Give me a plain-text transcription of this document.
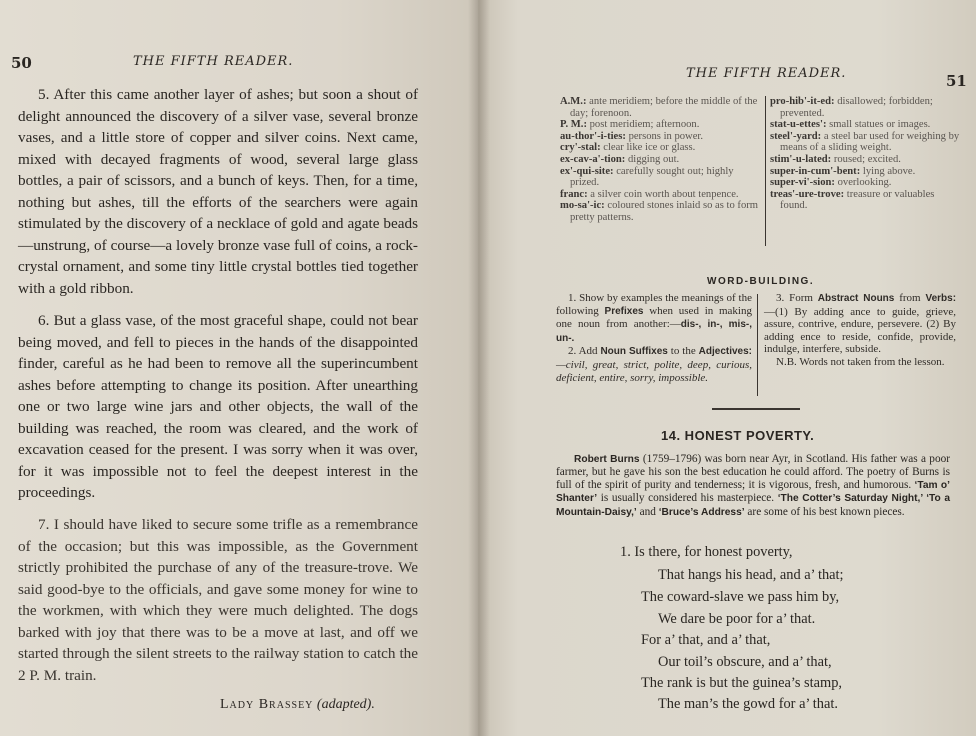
50	THE FIFTH READER.
5. After this came another layer of ashes; but soon a shout of delight announced the discovery of a silver vase, several bronze vases, and a little store of copper and silver coins. Next came, mixed with decayed fragments of wood, several large glass bottles, a pair of scissors, and a bunch of keys. Then, for a time, nothing but ashes, till the efforts of the searchers were again stimulated by the discovery of a necklace of gold and agate beads—unstrung, of course—a lovely bronze vase full of coins, a rock-crystal ornament, and some tiny little crystal bottles tied together with a gold ribbon.
6. But a glass vase, of the most graceful shape, could not bear being moved, and fell to pieces in the hands of the disappointed finder, careful as he had been to remove all the superincumbent ashes before attempting to change its position. After unearthing one or two large wine jars and other objects, the wall of the building was reached, the room was cleared, and the work of excavation ceased for the present. I was sorry when it was over, for it was impossible not to feel the deepest interest in the proceedings.
7. I should have liked to secure some trifle as a remembrance of the occasion; but this was impossible, as the Government strictly prohibited the purchase of any of the treasure-trove. We said good-bye to the officials, and gave some money for wine to the workmen, with which they were much delighted. The dogs barked with joy that there was to be a move at last, and off we started through the silent streets to the railway station to catch the 2 P. M. train.
Lady Brassey (adapted).
THE FIFTH READER.	51
A.M.: ante meridiem; before the middle of the day; forenoon.
P. M.: post meridiem; afternoon.
au-thor'-i-ties: persons in power.
cry'-stal: clear like ice or glass.
ex-cav-a'-tion: digging out.
ex'-qui-site: carefully sought out; highly prized.
franc: a silver coin worth about tenpence.
mo-sa'-ic: coloured stones inlaid so as to form pretty patterns.
pro-hib'-it-ed: disallowed; forbidden; prevented.
stat-u-ettes': small statues or images.
steel'-yard: a steel bar used for weighing by means of a sliding weight.
stim'-u-lated: roused; excited.
super-in-cum'-bent: lying above.
super-vi'-sion: overlooking.
treas'-ure-trove: treasure or valuables found.
WORD-BUILDING.
1. Show by examples the meanings of the following Prefixes when used in making one noun from another:—dis-, in-, mis-, un-.
2. Add Noun Suffixes to the Adjectives:—civil, great, strict, polite, deep, curious, deficient, entire, sorry, impossible.
3. Form Abstract Nouns from Verbs:—(1) By adding ance to guide, grieve, assure, contrive, endure, persevere. (2) By adding ence to reside, confide, provide, indulge, interfere, subside.
N.B. Words not taken from the lesson.
14. HONEST POVERTY.
Robert Burns (1759–1796) was born near Ayr, in Scotland. His father was a poor farmer, but he gave his son the best education he could afford. The poetry of Burns is full of the spirit of purity and tenderness; it is vigorous, fresh, and humorous. ‘Tam o’ Shanter’ is usually considered his masterpiece. ‘The Cotter’s Saturday Night,’ ‘To a Mountain-Daisy,’ and ‘Bruce’s Address’ are some of his best known pieces.
1. Is there, for honest poverty,
That hangs his head, and a’ that;
The coward-slave we pass him by,
We dare be poor for a’ that.
For a’ that, and a’ that,
Our toil’s obscure, and a’ that,
The rank is but the guinea’s stamp,
The man’s the gowd for a’ that.
